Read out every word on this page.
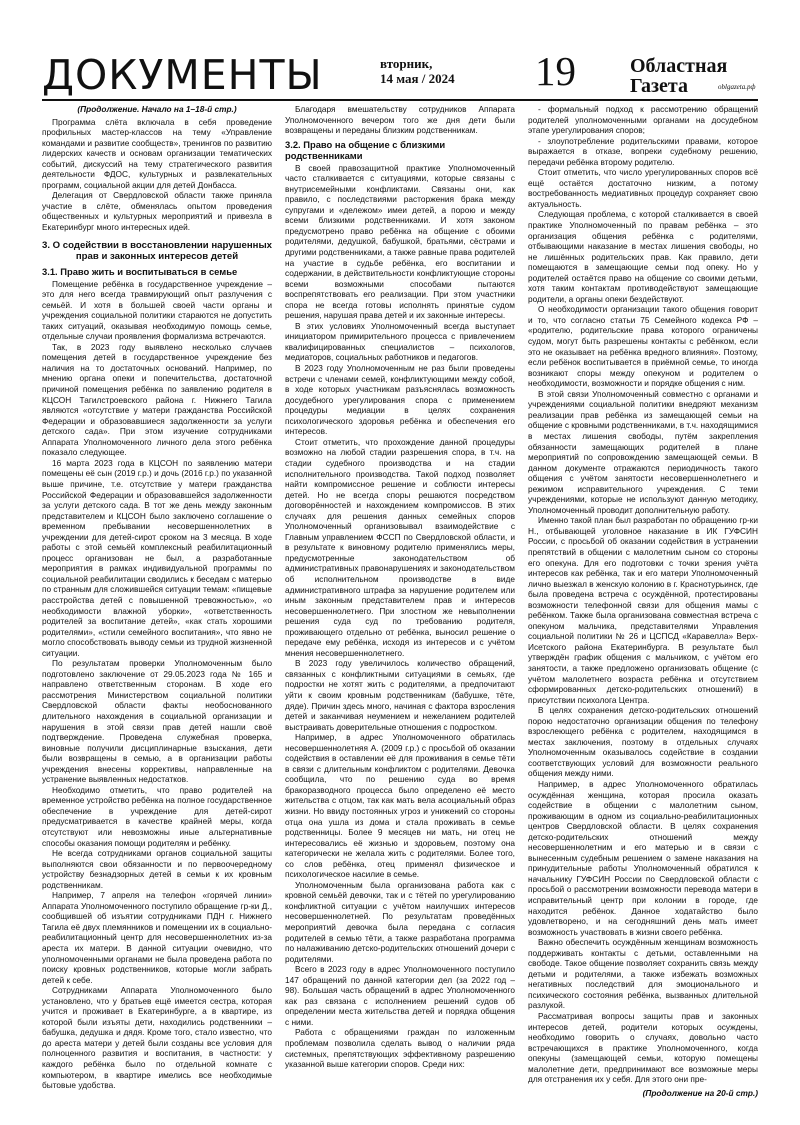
ДОКУМЕНТЫ	вторник,
14 мая / 2024 19	Областная
Газета	oblgazeta.рф

(Продолжение. Начало на 1–18-й стр.)

Программа слёта включала в себя проведение профильных мастер-классов на тему «Управление командами и развитие сообществ», тренингов по развитию лидерских качеств и основам организации тематических событий, дискуссий на тему стратегического развития деятельности ФДОС, культурных и развлекательных программ, социальной акции для детей Донбасса.

Делегация от Свердловской области также приняла участие в слёте, обменялась опытом проведения общественных и культурных мероприятий и привезла в Екатеринбург много интересных идей.

3. О содействии в восстановлении нарушенных прав и законных интересов детей
3.1. Право жить и воспитываться в семье

Помещение ребёнка в государственное учреждение – это для него всегда травмирующий опыт разлучения с семьёй. И хотя в большей своей части органы и учреждения социальной политики стараются не допустить таких ситуаций, оказывая необходимую помощь семье, отдельные случаи проявления формализма встречаются.

Так, в 2023 году выявлено несколько случаев помещения детей в государственное учреждение без наличия на то достаточных оснований. Например, по мнению органа опеки и попечительства, достаточной причиной помещения ребёнка по заявлению родителя в КЦСОН Тагилстроевского района г. Нижнего Тагила являются «отсутствие у матери гражданства Российской Федерации и образовавшиеся задолженности за услуги детского сада». При этом изучение сотрудниками Аппарата Уполномоченного личного дела этого ребёнка показало следующее.

16 марта 2023 года в КЦСОН по заявлению матери помещены её сын (2019 г.р.) и дочь (2016 г.р.) по указанной выше причине, т.е. отсутствие у матери гражданства Российской Федерации и образовавшейся задолженности за услуги детского сада. В тот же день между законным представителем и КЦСОН было заключено соглашение о временном пребывании несовершеннолетних в учреждении для детей-сирот сроком на 3 месяца. В ходе работы с этой семьёй комплексный реабилитационный процесс организован не был, а разработанные мероприятия в рамках индивидуальной программы по социальной реабилитации сводились к беседам с матерью по странным для сложившейся ситуации темам: «пищевые расстройства детей с повышенной тревожностью», «о необходимости влажной уборки», «ответственность родителей за воспитание детей», «как стать хорошими родителями», «стили семейного воспитания», что явно не могло способствовать выводу семьи из трудной жизненной ситуации.

По результатам проверки Уполномоченным было подготовлено заключение от 29.05.2023 года № 165 и направлено ответственным сторонам. В ходе его рассмотрения Министерством социальной политики Свердловской области факты необоснованного длительного нахождения в социальной организации и нарушения в этой связи прав детей нашли своё подтверждение. Проведена служебная проверка, виновные получили дисциплинарные взыскания, дети были возвращены в семью, а в организации работы учреждения внесены коррективы, направленные на устранение выявленных недостатков.

Необходимо отметить, что право родителей на временное устройство ребёнка на полное государственное обеспечение в учреждение для детей-сирот предусматривается в качестве крайней меры, когда отсутствуют или невозможны иные альтернативные способы оказания помощи родителям и ребёнку.

Не всегда сотрудниками органов социальной защиты выполняются свои обязанности и по первоочередному устройству безнадзорных детей в семьи к их кровным родственникам.

Например, 7 апреля на телефон «горячей линии» Аппарата Уполномоченного поступило обращение гр-ки Д., сообщившей об изъятии сотрудниками ПДН г. Нижнего Тагила её двух племянников и помещении их в социально-реабилитационный центр для несовершеннолетних из-за ареста их матери. В данной ситуации очевидно, что уполномоченными органами не была проведена работа по поиску кровных родственников, которые могли забрать детей к себе.

Сотрудниками Аппарата Уполномоченного было установлено, что у братьев ещё имеется сестра, которая учится и проживает в Екатеринбурге, а в квартире, из которой были изъяты дети, находились родственники – бабушка, дедушка и дядя. Кроме того, стало известно, что до ареста матери у детей были созданы все условия для полноценного развития и воспитания, в частности: у каждого ребёнка было по отдельной комнате с компьютером, в квартире имелись все необходимые бытовые удобства.

Благодаря вмешательству сотрудников Аппарата Уполномоченного вечером того же дня дети были возвращены и переданы близким родственникам.

3.2. Право на общение с близкими родственниками

В своей правозащитной практике Уполномоченный часто сталкивается с ситуациями, которые связаны с внутрисемейными конфликтами. Связаны они, как правило, с последствиями расторжения брака между супругами и «дележом» имеи детей, а порою и между всеми близкими родственниками. И хотя законом предусмотрено право ребёнка на общение с обоими родителями, дедушкой, бабушкой, братьями, сёстрами и другими родственниками, а также равные права родителей на участие в судьбе ребёнка, его воспитании и содержании, в действительности конфликтующие стороны всеми возможными способами пытаются воспрепятствовать его реализации. При этом участники спора не всегда готовы исполнять принятые судом решения, нарушая права детей и их законные интересы.

В этих условиях Уполномоченный всегда выступает инициатором примирительного процесса с привлечением квалифицированных специалистов – психологов, медиаторов, социальных работников и педагогов.

В 2023 году Уполномоченным не раз были проведены встречи с членами семей, конфликтующими между собой, в ходе которых участникам разъяснялась возможность досудебного урегулирования спора с применением процедуры медиации в целях сохранения психологического здоровья ребёнка и обеспечения его интересов.

Стоит отметить, что прохождение данной процедуры возможно на любой стадии разрешения спора, в т.ч. на стадии судебного производства и на стадии исполнительного производства. Такой подход позволяет найти компромиссное решение и соблюсти интересы детей. Но не всегда споры решаются посредством договорённостей и нахождением компромиссов. В этих случаях для решения данных семейных споров Уполномоченный организовывал взаимодействие с Главным управлением ФССП по Свердловской области, и в результате к виновному родителю применялись меры, предусмотренные законодательством об административных правонарушениях и законодательством об исполнительном производстве в виде административного штрафа за нарушение родителем или иным законным представителем прав и интересов несовершеннолетнего. При злостном же невыполнении решения суда суд по требованию родителя, проживающего отдельно от ребёнка, выносил решение о передаче ему ребёнка, исходя из интересов и с учётом мнения несовершеннолетнего.

В 2023 году увеличилось количество обращений, связанных с конфликтными ситуациями в семьях, где подростки не хотят жить с родителями, а предпочитают уйти к своим кровным родственникам (бабушке, тёте, дяде). Причин здесь много, начиная с фактора взросления детей и заканчивая неумением и нежеланием родителей выстраивать доверительные отношения с подростком.

Например, в адрес Уполномоченного обратилась несовершеннолетняя А. (2009 г.р.) с просьбой об оказании содействия в оставлении её для проживания в семье тёти в связи с длительным конфликтом с родителями. Девочка сообщила, что по решению суда во время бракоразводного процесса было определено её место жительства с отцом, так как мать вела асоциальный образ жизни. Но ввиду постоянных угроз и унижений со стороны отца она ушла из дома и стала проживать в семье родственницы. Более 9 месяцев ни мать, ни отец не интересовались её жизнью и здоровьем, поэтому она категорически не желала жить с родителями. Более того, со слов ребёнка, отец применял физическое и психологическое насилие в семье.

Уполномоченным была организована работа как с кровной семьёй девочки, так и с тётей по урегулированию конфликтной ситуации с учётом наилучших интересов несовершеннолетней. По результатам проведённых мероприятий девочка была передана с согласия родителей в семью тёти, а также разработана программа по налаживанию детско-родительских отношений дочери с родителями.

Всего в 2023 году в адрес Уполномоченного поступило 147 обращений по данной категории дел (за 2022 год – 98). Большая часть обращений в адрес Уполномоченного как раз связана с исполнением решений судов об определении места жительства детей и порядка общения с ними.

Работа с обращениями граждан по изложенным проблемам позволила сделать вывод о наличии ряда системных, препятствующих эффективному разрешению указанной выше категории споров. Среди них:

- формальный подход к рассмотрению обращений родителей уполномоченными органами на досудебном этапе урегулирования споров;

- злоупотребление родительскими правами, которое выражается в отказе, вопреки судебному решению, передачи ребёнка второму родителю.

Стоит отметить, что число урегулированных споров всё ещё остаётся достаточно низким, а потому востребованность медиативных процедур сохраняет свою актуальность.

Следующая проблема, с которой сталкивается в своей практике Уполномоченный по правам ребёнка – это организация общения ребёнка с родителями, отбывающими наказание в местах лишения свободы, но не лишённых родительских прав. Как правило, дети помещаются в замещающие семьи под опеку. Но у родителей остаётся право на общение со своими детьми, хотя таким контактам противодействуют замещающие родители, а органы опеки бездействуют.

О необходимости организации такого общения говорит и то, что согласно статьи 75 Семейного кодекса РФ – «родителю, родительские права которого ограничены судом, могут быть разрешены контакты с ребёнком, если это не оказывает на ребёнка вредного влияния». Поэтому, если ребёнок воспитывается в приёмной семье, то иногда возникают споры между опекуном и родителем о необходимости, возможности и порядке общения с ним.

В этой связи Уполномоченный совместно с органами и учреждениями социальной политики внедряют механизм реализации прав ребёнка из замещающей семьи на общение с кровными родственниками, в т.ч. находящимися в местах лишения свободы, путём закрепления обязанности замещающих родителей в плане мероприятий по сопровождению замещающей семьи. В данном документе отражаются периодичность такого общения с учётом занятости несовершеннолетнего и режимом исправительного учреждения. С теми учреждениями, которые не используют данную методику, Уполномоченный проводит дополнительную работу.

Именно такой план был разработан по обращению гр-ки Н., отбывающей уголовное наказание в ИК ГУФСИН России, с просьбой об оказании содействия в устранении препятствий в общении с малолетним сыном со стороны его опекуна. Для его подготовки с точки зрения учёта интересов как ребёнка, так и его матери Уполномоченный лично выезжал в женскую колонию в г. Краснотурьинск, где была проведена встреча с осуждённой, протестированы возможности телефонной связи для общения мамы с ребёнком. Также была организована совместная встреча с опекуном мальчика, представителями Управления социальной политики № 26 и ЦСПСД «Каравелла» Верх-Исетского района Екатеринбурга. В результате был утверждён график общения с мальчиком, с учётом его занятости, а также предложено организовать общение (с учётом малолетнего возраста ребёнка и отсутствием сформированных детско-родительских отношений) в присутствии психолога Центра.

В целях сохранения детско-родительских отношений порою недостаточно организации общения по телефону взрослеющего ребёнка с родителем, находящимся в местах заключения, поэтому в отдельных случаях Уполномоченным оказывалось содействие в создании соответствующих условий для возможности реального общения между ними.

Например, в адрес Уполномоченного обратилась осуждённая женщина, которая просила оказать содействие в общении с малолетним сыном, проживающим в одном из социально-реабилитационных центров Свердловской области. В целях сохранения детско-родительских отношений между несовершеннолетним и его матерью и в связи с вынесенным судебным решением о замене наказания на принудительные работы Уполномоченный обратился к начальнику ГУФСИН России по Свердловской области с просьбой о рассмотрении возможности перевода матери в исправительный центр при колонии в городе, где находится ребёнок. Данное ходатайство было удовлетворено, и на сегодняшний день мать имеет возможность участвовать в жизни своего ребёнка.

Важно обеспечить осуждённым женщинам возможность поддерживать контакты с детьми, оставленными на свободе. Такое общение позволяет сохранить связь между детьми и родителями, а также избежать возможных негативных последствий для эмоционального и психического состояния ребёнка, вызванных длительной разлукой.

Рассматривая вопросы защиты прав и законных интересов детей, родители которых осуждены, необходимо говорить о случаях, довольно часто встречающихся в практике Уполномоченного, когда опекуны (замещающей семьи, которую помещены малолетние дети, предпринимают все возможные меры для отстранения их у себя. Для этого они пре-

(Продолжение на 20-й стр.)
